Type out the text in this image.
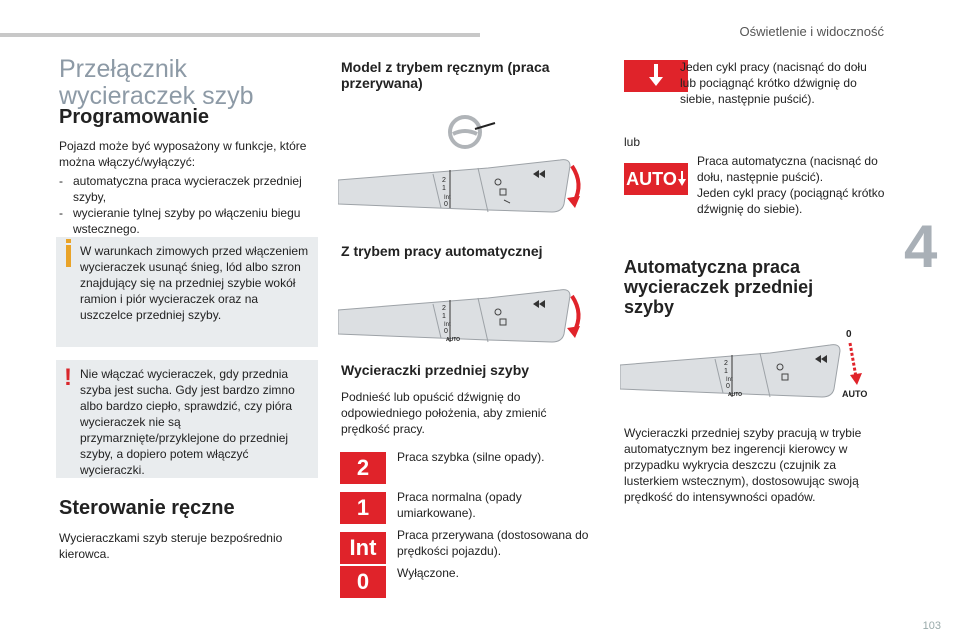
Oświetlenie i widoczność
4
103
Przełącznik wycieraczek szyb
Programowanie
Pojazd może być wyposażony w funkcje, które można włączyć/wyłączyć:
- automatyczna praca wycieraczek przedniej szyby,
- wycieranie tylnej szyby po włączeniu biegu wstecznego.
W warunkach zimowych przed włączeniem wycieraczek usunąć śnieg, lód albo szron znajdujący się na przedniej szybie wokół ramion i piór wycieraczek oraz na uszczelce przedniej szyby.
! Nie włączać wycieraczek, gdy przednia szyba jest sucha. Gdy jest bardzo zimno albo bardzo ciepło, sprawdzić, czy pióra wycieraczek nie są przymarznięte/przyklejone do przedniej szyby, a dopiero potem włączyć wycieraczki.
Sterowanie ręczne
Wycieraczkami szyb steruje bezpośrednio kierowca.
Model z trybem ręcznym (praca przerywana)
2
1
Int
0
Z trybem pracy automatycznej
2
1
Int
0
AUTO
Wycieraczki przedniej szyby
Podnieść lub opuścić dźwignię do odpowiedniego położenia, aby zmienić prędkość pracy.
2	Praca szybka (silne opady).
1	Praca normalna (opady umiarkowane).
Int	Praca przerywana (dostosowana do prędkości pojazdu).
0	Wyłączone.
Jeden cykl pracy (nacisnąć do dołu lub pociągnąć krótko dźwignię do siebie, następnie puścić).
lub
AUTO
Praca automatyczna (nacisnąć do dołu, następnie puścić).
Jeden cykl pracy (pociągnąć krótko dźwignię do siebie).
Automatyczna praca wycieraczek przedniej szyby
2
1
Int
0
AUTO
0
AUTO
Wycieraczki przedniej szyby pracują w trybie automatycznym bez ingerencji kierowcy w przypadku wykrycia deszczu (czujnik za lusterkiem wstecznym), dostosowując swoją prędkość do intensywności opadów.
